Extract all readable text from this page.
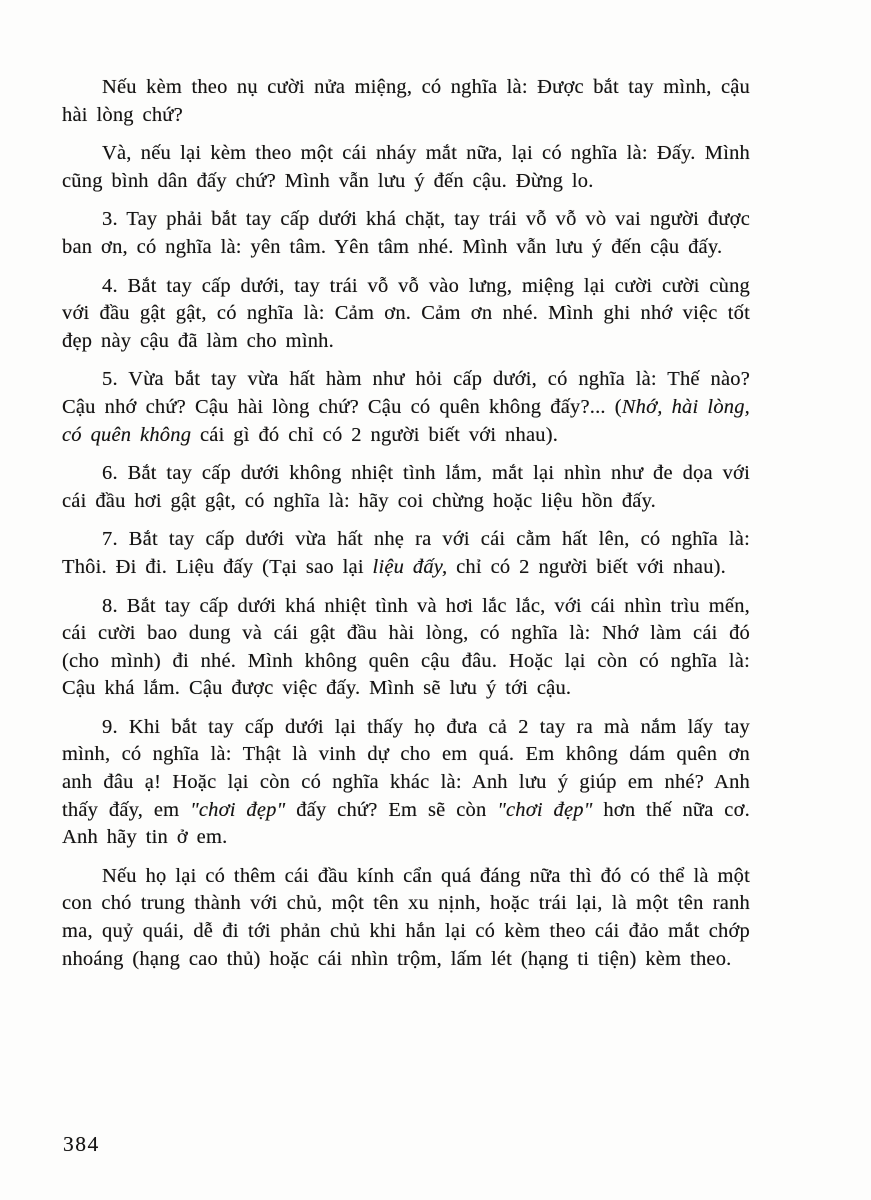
Nếu kèm theo nụ cười nửa miệng, có nghĩa là: Được bắt tay mình, cậu hài lòng chứ?

Và, nếu lại kèm theo một cái nháy mắt nữa, lại có nghĩa là: Đấy. Mình cũng bình dân đấy chứ? Mình vẫn lưu ý đến cậu. Đừng lo.

3. Tay phải bắt tay cấp dưới khá chặt, tay trái vỗ vỗ vò vai người được ban ơn, có nghĩa là: yên tâm. Yên tâm nhé. Mình vẫn lưu ý đến cậu đấy.

4. Bắt tay cấp dưới, tay trái vỗ vỗ vào lưng, miệng lại cười cười cùng với đầu gật gật, có nghĩa là: Cảm ơn. Cảm ơn nhé. Mình ghi nhớ việc tốt đẹp này cậu đã làm cho mình.

5. Vừa bắt tay vừa hất hàm như hỏi cấp dưới, có nghĩa là: Thế nào? Cậu nhớ chứ? Cậu hài lòng chứ? Cậu có quên không đấy?... (Nhớ, hài lòng, có quên không cái gì đó chỉ có 2 người biết với nhau).

6. Bắt tay cấp dưới không nhiệt tình lắm, mắt lại nhìn như đe dọa với cái đầu hơi gật gật, có nghĩa là: hãy coi chừng hoặc liệu hồn đấy.

7. Bắt tay cấp dưới vừa hất nhẹ ra với cái cằm hất lên, có nghĩa là: Thôi. Đi đi. Liệu đấy (Tại sao lại liệu đấy, chỉ có 2 người biết với nhau).

8. Bắt tay cấp dưới khá nhiệt tình và hơi lắc lắc, với cái nhìn trìu mến, cái cười bao dung và cái gật đầu hài lòng, có nghĩa là: Nhớ làm cái đó (cho mình) đi nhé. Mình không quên cậu đâu. Hoặc lại còn có nghĩa là: Cậu khá lắm. Cậu được việc đấy. Mình sẽ lưu ý tới cậu.

9. Khi bắt tay cấp dưới lại thấy họ đưa cả 2 tay ra mà nắm lấy tay mình, có nghĩa là: Thật là vinh dự cho em quá. Em không dám quên ơn anh đâu ạ! Hoặc lại còn có nghĩa khác là: Anh lưu ý giúp em nhé? Anh thấy đấy, em "chơi đẹp" đấy chứ? Em sẽ còn "chơi đẹp" hơn thế nữa cơ. Anh hãy tin ở em.

Nếu họ lại có thêm cái đầu kính cẩn quá đáng nữa thì đó có thể là một con chó trung thành với chủ, một tên xu nịnh, hoặc trái lại, là một tên ranh ma, quỷ quái, dễ đi tới phản chủ khi hắn lại có kèm theo cái đảo mắt chớp nhoáng (hạng cao thủ) hoặc cái nhìn trộm, lấm lét (hạng ti tiện) kèm theo.

384
